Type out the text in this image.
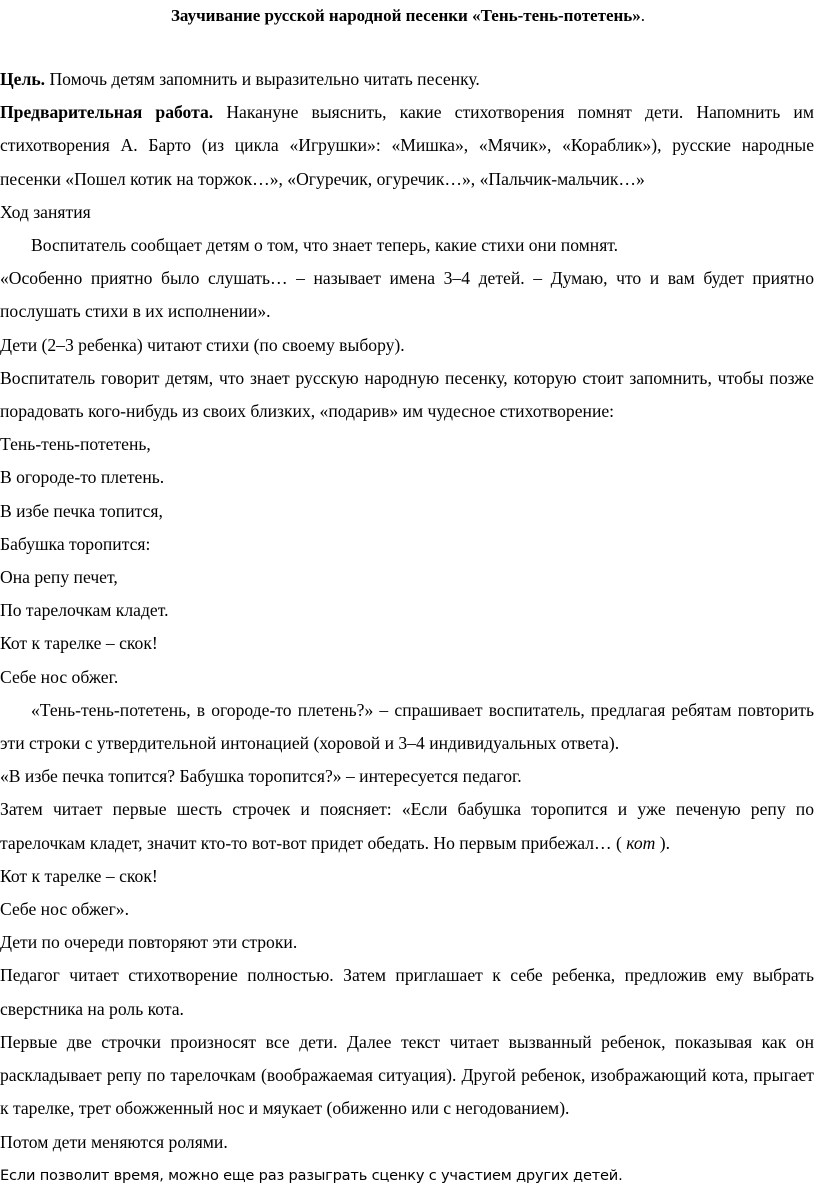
Заучивание русской народной песенки «Тень-тень-потетень».

Цель. Помочь детям запомнить и выразительно читать песенку.

Предварительная работа. Накануне выяснить, какие стихотворения помнят дети. Напомнить им стихотворения А. Барто (из цикла «Игрушки»: «Мишка», «Мячик», «Кораблик»), русские народные песенки «Пошел котик на торжок…», «Огуречик, огуречик…», «Пальчик-мальчик…»

Ход занятия

Воспитатель сообщает детям о том, что знает теперь, какие стихи они помнят.

«Особенно приятно было слушать… – называет имена 3–4 детей. – Думаю, что и вам будет приятно послушать стихи в их исполнении».

Дети (2–3 ребенка) читают стихи (по своему выбору).

Воспитатель говорит детям, что знает русскую народную песенку, которую стоит запомнить, чтобы позже порадовать кого-нибудь из своих близких, «подарив» им чудесное стихотворение:

Тень-тень-потетень,

В огороде-то плетень.

В избе печка топится,

Бабушка торопится:

Она репу печет,

По тарелочкам кладет.

Кот к тарелке – скок!

Себе нос обжег.

«Тень-тень-потетень, в огороде-то плетень?» – спрашивает воспитатель, предлагая ребятам повторить эти строки с утвердительной интонацией (хоровой и 3–4 индивидуальных ответа).

«В избе печка топится? Бабушка торопится?» – интересуется педагог.

Затем читает первые шесть строчек и поясняет: «Если бабушка торопится и уже печеную репу по тарелочкам кладет, значит кто-то вот-вот придет обедать. Но первым прибежал… ( кот ).

Кот к тарелке – скок!

Себе нос обжег».

Дети по очереди повторяют эти строки.

Педагог читает стихотворение полностью. Затем приглашает к себе ребенка, предложив ему выбрать сверстника на роль кота.

Первые две строчки произносят все дети. Далее текст читает вызванный ребенок, показывая как он раскладывает репу по тарелочкам (воображаемая ситуация). Другой ребенок, изображающий кота, прыгает к тарелке, трет обожженный нос и мяукает (обиженно или с негодованием).

Потом дети меняются ролями.

Если позволит время, можно еще раз разыграть сценку с участием других детей.
